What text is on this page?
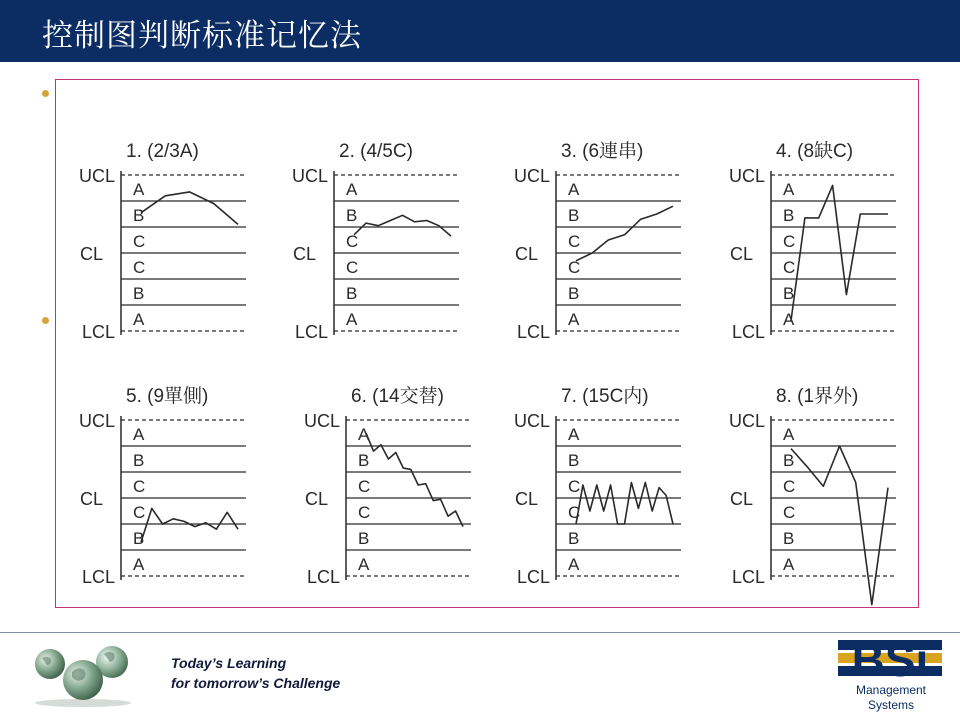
控制图判断标准记忆法
1. (2/3A)
UCL
CL
LCL
A
B
C
C
B
A
2. (4/5C)
UCL
CL
LCL
A
B
C
C
B
A
3. (6連串)
UCL
CL
LCL
A
B
C
C
B
A
4. (8缺C)
UCL
CL
LCL
A
B
C
C
B
A
5. (9單側)
UCL
CL
LCL
A
B
C
C
B
A
6. (14交替)
UCL
CL
LCL
A
B
C
C
B
A
7. (15C内)
UCL
CL
LCL
A
B
C
C
B
A
8. (1界外)
UCL
CL
LCL
A
B
C
C
B
A
Today’s Learning
for tomorrow’s Challenge	BSi
Management
Systems
